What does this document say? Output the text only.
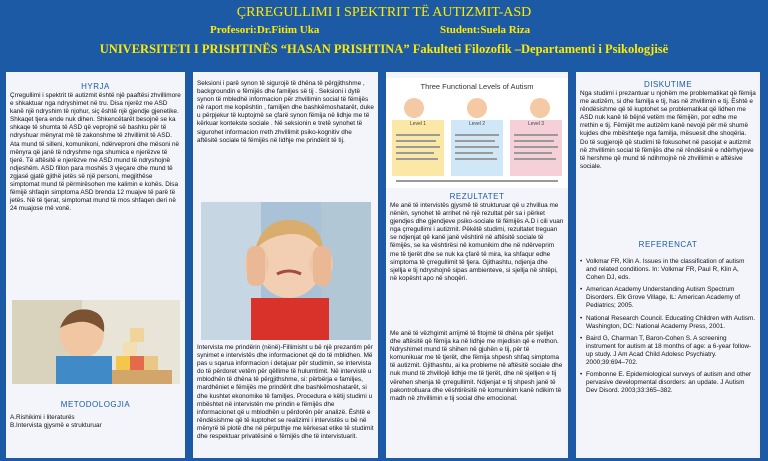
ÇRREGULLIMI I SPEKTRIT TË AUTIZMIT-ASD
Profesori:Dr.Fitim Uka	Student:Suela Riza
UNIVERSITETI I PRISHTINËS “HASAN PRISHTINA” Fakulteti Filozofik –Departamenti i Psikologjisë
HYRJA
Çrregullimi i spektrit të autizmit është një paaftësi zhvillimore e shkaktuar nga ndryshimet në tru. Disa njerëz me ASD kanë një ndryshim të njohur, siç është një gjendje gjenetike. Shkaqet tjera ende nuk dihen. Shkencëtarët besojnë se ka shkaqe të shumta të ASD që veprojnë së bashku për të ndryshuar mënyrat më të zakonshme të zhvillimit të ASD. Ata mund të silleni, komunikoni, ndërveproni dhe mësoni në mënyra që janë të ndryshme nga shumica e njerëzve të tjerë. Të aftësitë e njerëzve me ASD mund të ndryshojnë ndjeshëm. ASD fillon para moshës 3 vjeçare dhe mund të zgjasë gjatë gjithë jetës së një personi, megjithëse simptomat mund të përmirësohen me kalimin e kohës. Disa fëmijë shfaqin simptoma ASD brenda 12 muajve të parë të jetës. Në të tjerat, simptomat mund të mos shfaqen deri në 24 muajose më vonë.
METODOLOGJIA

A.Rishikimi i literaturës

B.Intervista gjysmë e strukturuar

Seksioni i parë synon të sigurojë të dhëna të përgjithshme , backgroundin e fëmijës dhe familjes së tij . Seksioni i dytë synon të mbledhë informacion për zhvillimin social të fëmijës në raport me kopështin , familjen dhe bashkëmoshatarët, duke u përpjekur të kuptojmë se çfarë synon fëmija në lidhje me të kërkuar kontekste sociale . Në seksionin e tretë synohet të sigurohet informacion rreth zhvillimit psiko-kognitiv dhe aftësitë sociale të fëmijës në lidhje me prindërit të tij.
Intervista me prindërin (nënë)-Fillimisht u bë një prezantim për synimet e intervistës dhe informacionet që do të mblidhen. Më pas u sqarua informacion i detajuar për studimin, se intervista do të përdoret vetëm për qëllime të hulumtimit. Në intervistë u mblodhën të dhëna të përgjithshme, si: përbërja e familjes, mardhëniet e fëmijës me prindërit dhe bashkëmoshatarët, si dhe kushtet ekonomike të familjes. Procedura e këtij studimi u mbështet në intervistën me prindin e fëmijës dhe informacionet që u mblodhën u përdorën për analizë. Është e rëndësishme që të kuptohet se realizimi i intervistës u bë në mënyrë të plotë dhe në përputhje me kërkesat etike të studimit dhe respektuar privatësinë e fëmijës dhe të intervistuarit.
Three Functional Levels of Autism
Level 1	Level 2	Level 3
REZULTATET
Me anë të intervistës gjysmë të strukturuar që u zhvillua me nënën, synohet të arrihet në një rezultat për sa i përket gjendjes dhe gjendjeve psiko-sociale të fëmijës A.D i cili vuan nga çrregullimi i autizmit. Pëkëtë studimi, rezultatet treguan se ndjenjat që kanë janë vështirë në aftësitë sociale të fëmijës, se ka vështirësi në komunikim dhe në ndërveprim me të tjerët dhe se nuk ka çfarë të mira, ka shfaqur edhe simptoma të çrregullimit të tjera. Gjithashtu, ndjenja dhe sjellja e tij ndryshojnë sipas ambienteve, si sjellja në shtëpi, në kopësht apo në shoqëri.
Me anë të vëzhgimit arrijmë të fitojmë të dhëna për sjelljet dhe aftësitë që fëmija ka në lidhje me mjedisin që e rrethon. Ndryshimet mund të shihen në gjuhën e tij, për të komunikuar me të tjerët, dhe fëmija shpesh shfaq simptoma të autizmit. Gjithashtu, ai ka probleme në aftësitë sociale dhe nuk mund të zhvillojë lidhje me të tjerët, dhe në sjelljen e tij vërehen shenja të çrregullimit. Ndjenjat e tij shpesh janë të pakontrolluara dhe vështirësitë në komunikim kanë ndikim të madh në zhvillimin e tij social dhe emocional.
DISKUTIME
Nga studimi i prezantuar u njohëm me problematikat që fëmija me autizëm, si dhe familja e tij, has në zhvillimin e tij. Është e rëndësishme që të kuptohet se problematikat që lidhen me ASD nuk kanë të bëjnë vetëm me fëmijën, por edhe me rrethin e tij. Fëmijët me autizëm kanë nevojë për më shumë kujdes dhe mbështetje nga familja, mësuesit dhe shoqëria. Do të sugjerojë që studimi të fokusohet në pasojat e autizmit në zhvillimin social të fëmijës dhe në rëndësinë e ndërhyrjeve të hershme që mund të ndihmojnë në zhvillimin e aftësive sociale.
REFERENCAT
• Volkmar FR, Klin A. Issues in the classification of autism and related conditions. In: Volkmar FR, Paul R, Klin A, Cohen DJ, eds.
• American Academy Understanding Autism Spectrum Disorders. Elk Grove Village, IL: American Academy of Pediatrics; 2005.
• National Research Council. Educating Children with Autism. Washington, DC: National Academy Press, 2001.
• Baird G, Charman T, Baron-Cohen S. A screening instrument for autism at 18 months of age: a 6-year follow-up study. J Am Acad Child Adolesc Psychiatry. 2000;39:694–702.
• Fombonne E. Epidemiological surveys of autism and other pervasive developmental disorders: an update. J Autism Dev Disord. 2003;33:365–382.
